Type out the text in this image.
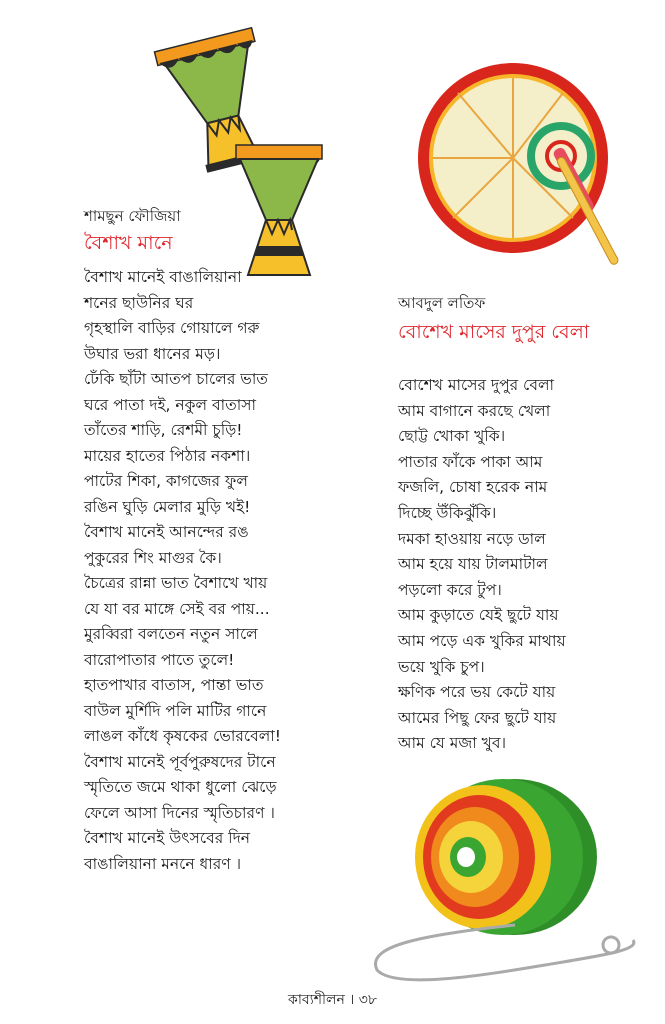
শামছুন ফৌজিয়া
বৈশাখ মানে
বৈশাখ মানেই বাঙালিয়ানা
শনের ছাউনির ঘর
গৃহস্থালি বাড়ির গোয়ালে গরু
উঘার ভরা ধানের মড়।
ঢেঁকি ছাঁটা আতপ চালের ভাত
ঘরে পাতা দই, নকুল বাতাসা
তাঁতের শাড়ি, রেশমী চুড়ি!
মায়ের হাতের পিঠার নকশা।
পাটের শিকা, কাগজের ফুল
রঙিন ঘুড়ি মেলার মুড়ি খই!
বৈশাখ মানেই আনন্দের রঙ
পুকুরের শিং মাগুর কৈ।
চৈত্রের রান্না ভাত বৈশাখে খায়
যে যা বর মাঙ্গে সেই বর পায়...
মুরব্বিরা বলতেন নতুন সালে
বারোপাতার পাতে তুলে!
হাতপাখার বাতাস, পান্তা ভাত
বাউল মুর্শিদি পলি মাটির গানে
লাঙল কাঁধে কৃষকের ভোরবেলা!
বৈশাখ মানেই পূর্বপুরুষদের টানে
স্মৃতিতে জমে থাকা ধুলো ঝেড়ে
ফেলে আসা দিনের স্মৃতিচারণ ।
বৈশাখ মানেই উৎসবের দিন
বাঙালিয়ানা মননে ধারণ ।
আবদুল লতিফ
বোশেখ মাসের দুপুর বেলা
বোশেখ মাসের দুপুর বেলা
আম বাগানে করছে খেলা
ছোট্ট খোকা খুকি।
পাতার ফাঁকে পাকা আম
ফজলি, চোষা হরেক নাম
দিচ্ছে উঁকিঝুঁকি।
দমকা হাওয়ায় নড়ে ডাল
আম হয়ে যায় টালমাটাল
পড়লো করে টুপ।
আম কুড়াতে যেই ছুটে যায়
আম পড়ে এক খুকির মাথায়
ভয়ে খুকি চুপ।
ক্ষণিক পরে ভয় কেটে যায়
আমের পিছু ফের ছুটে যায়
আম যে মজা খুব।
কাব্যশীলন । ৩৮
